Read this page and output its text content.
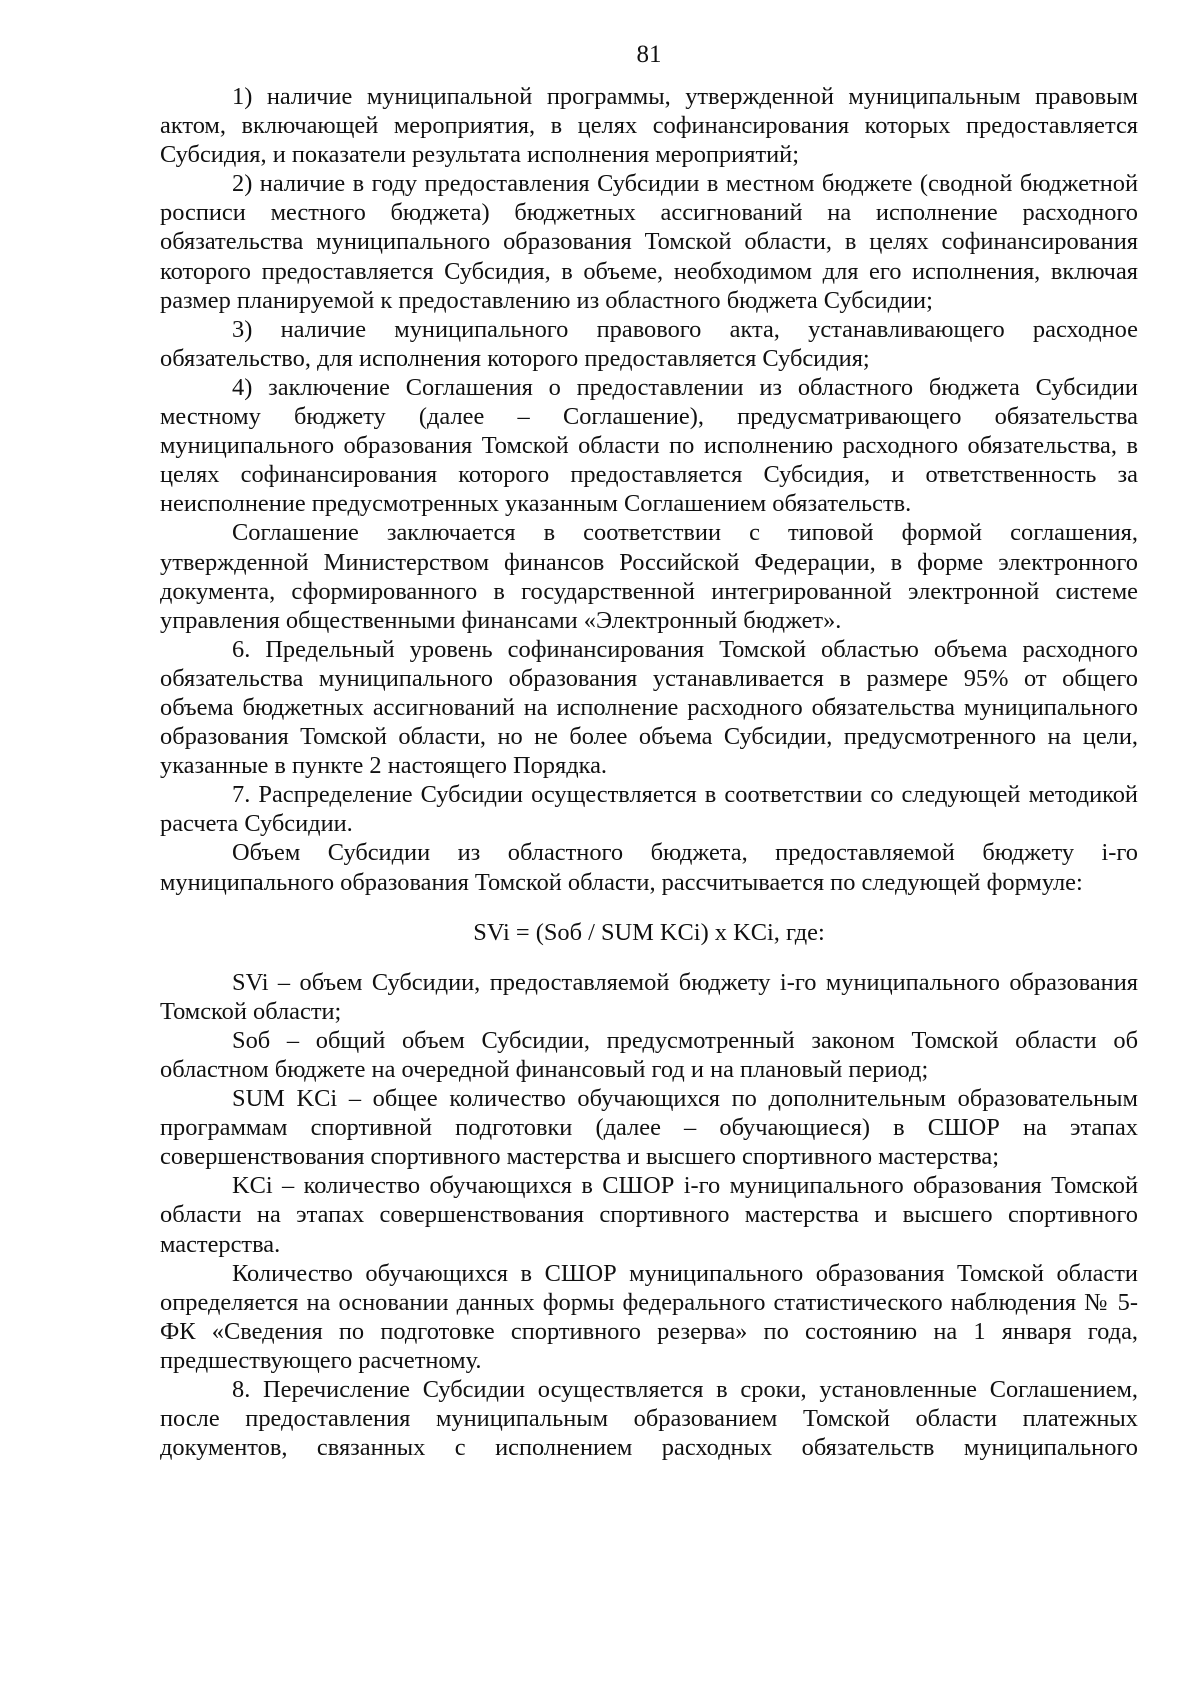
81

1) наличие муниципальной программы, утвержденной муниципальным правовым актом, включающей мероприятия, в целях софинансирования которых предоставляется Субсидия, и показатели результата исполнения мероприятий;

2) наличие в году предоставления Субсидии в местном бюджете (сводной бюджетной росписи местного бюджета) бюджетных ассигнований на исполнение расходного обязательства муниципального образования Томской области, в целях софинансирования которого предоставляется Субсидия, в объеме, необходимом для его исполнения, включая размер планируемой к предоставлению из областного бюджета Субсидии;

3) наличие муниципального правового акта, устанавливающего расходное обязательство, для исполнения которого предоставляется Субсидия;

4) заключение Соглашения о предоставлении из областного бюджета Субсидии местному бюджету (далее – Соглашение), предусматривающего обязательства муниципального образования Томской области по исполнению расходного обязательства, в целях софинансирования которого предоставляется Субсидия, и ответственность за неисполнение предусмотренных указанным Соглашением обязательств.

Соглашение заключается в соответствии с типовой формой соглашения, утвержденной Министерством финансов Российской Федерации, в форме электронного документа, сформированного в государственной интегрированной электронной системе управления общественными финансами «Электронный бюджет».

6. Предельный уровень софинансирования Томской областью объема расходного обязательства муниципального образования устанавливается в размере 95% от общего объема бюджетных ассигнований на исполнение расходного обязательства муниципального образования Томской области, но не более объема Субсидии, предусмотренного на цели, указанные в пункте 2 настоящего Порядка.

7. Распределение Субсидии осуществляется в соответствии со следующей методикой расчета Субсидии.

Объем Субсидии из областного бюджета, предоставляемой бюджету i-го муниципального образования Томской области, рассчитывается по следующей формуле:

SVi = (Sоб / SUM KCi) x KCi, где:

SVi – объем Субсидии, предоставляемой бюджету i-го муниципального образования Томской области;

Sоб – общий объем Субсидии, предусмотренный законом Томской области об областном бюджете на очередной финансовый год и на плановый период;

SUM KCi – общее количество обучающихся по дополнительным образовательным программам спортивной подготовки (далее – обучающиеся) в СШОР на этапах совершенствования спортивного мастерства и высшего спортивного мастерства;

KCi – количество обучающихся в СШОР i-го муниципального образования Томской области на этапах совершенствования спортивного мастерства и высшего спортивного мастерства.

Количество обучающихся в СШОР муниципального образования Томской области определяется на основании данных формы федерального статистического наблюдения № 5-ФК «Сведения по подготовке спортивного резерва» по состоянию на 1 января года, предшествующего расчетному.

8. Перечисление Субсидии осуществляется в сроки, установленные Соглашением, после предоставления муниципальным образованием Томской области платежных документов, связанных с исполнением расходных обязательств муниципального
